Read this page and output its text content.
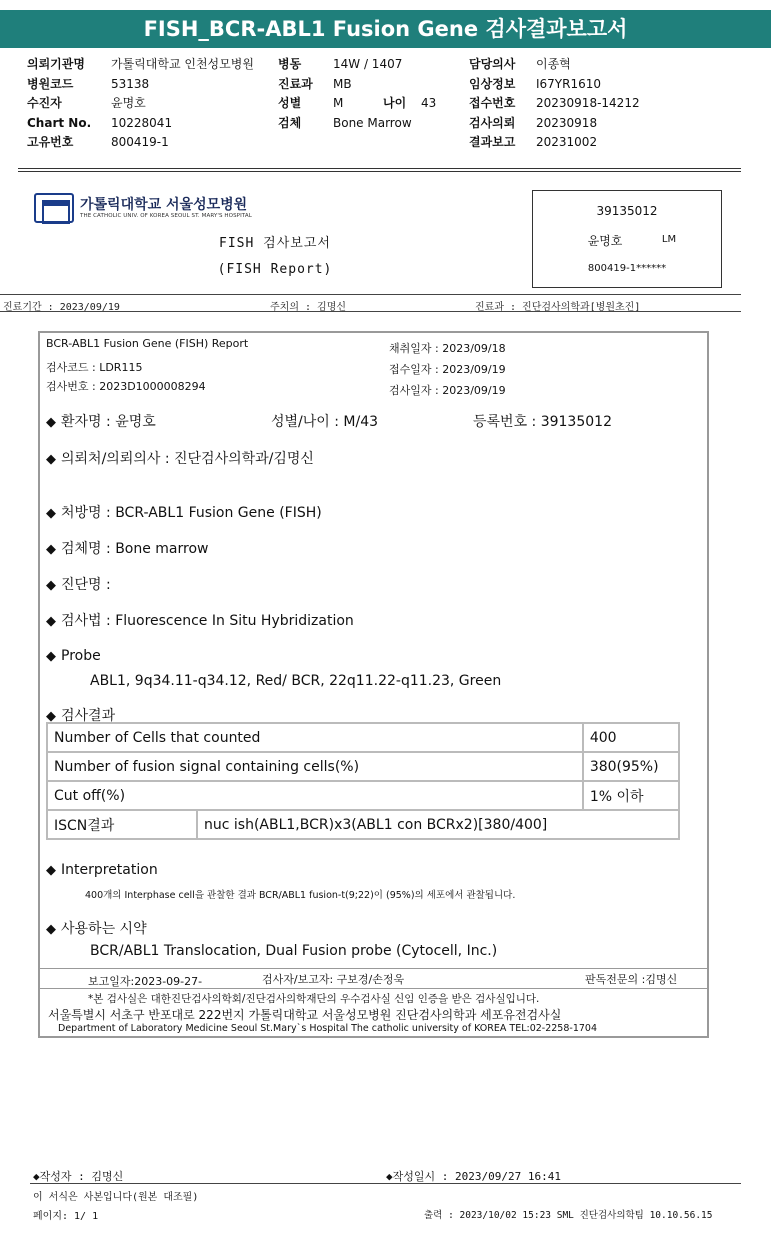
FISH_BCR-ABL1 Fusion Gene 검사결과보고서
의뢰기관명 가톨릭대학교 인천성모병원
병원코드	53138
수진자	윤명호
Chart No. 10228041
고유번호	800419-1
병동	14W / 1407
진료과 MB
성별	M	나이 43
검체	Bone Marrow
담당의사 이종혁
임상정보 I67YR1610
접수번호 20230918-14212
검사의뢰 20230918
결과보고 20231002
가톨릭대학교 서울성모병원
THE CATHOLIC UNIV. OF KOREA SEOUL ST. MARY'S HOSPITAL
FISH 검사보고서
(FISH Report)
39135012
윤명호	LM
800419-1******
진료기간 : 2023/09/19	주치의 : 김명신	진료과 : 진단검사의학과[병원초진]
BCR-ABL1 Fusion Gene (FISH) Report
검사코드 : LDR115
검사번호 : 2023D1000008294
채취일자 : 2023/09/18
접수일자 : 2023/09/19
검사일자 : 2023/09/19
◆ 환자명 : 윤명호	성별/나이 : M/43	등록번호 : 39135012
◆ 의뢰처/의뢰의사 : 진단검사의학과/김명신
◆ 처방명 : BCR-ABL1 Fusion Gene (FISH)
◆ 검체명 : Bone marrow
◆ 진단명 :
◆ 검사법 : Fluorescence In Situ Hybridization
◆ Probe
ABL1, 9q34.11-q34.12, Red/ BCR, 22q11.22-q11.23, Green
◆ 검사결과
Number of Cells that counted		400
Number of fusion signal containing cells(%)		380(95%)
Cut off(%)		1% 이하
ISCN결과	nuc ish(ABL1,BCR)x3(ABL1 con BCRx2)[380/400]	
◆ Interpretation
400개의 Interphase cell을 관찰한 결과 BCR/ABL1 fusion-t(9;22)이 (95%)의 세포에서 관찰됩니다.
◆ 사용하는 시약
BCR/ABL1 Translocation, Dual Fusion probe (Cytocell, Inc.)
보고일자:2023-09-27-	검사자/보고자: 구보경/손정욱	판독전문의 :김명신
*본 검사실은 대한진단검사의학회/진단검사의학재단의 우수검사실 신임 인증을 받은 검사실입니다.
서울특별시 서초구 반포대로 222번지 가톨릭대학교 서울성모병원 진단검사의학과 세포유전검사실
Department of Laboratory Medicine Seoul St.Mary`s Hospital The catholic university of KOREA TEL:02-2258-1704
◆작성자 : 김명신	◆작성일시 : 2023/09/27 16:41
이 서식은 사본입니다(원본 대조필)
페이지: 1/ 1	출력 : 2023/10/02 15:23 SML 진단검사의학팀 10.10.56.15
